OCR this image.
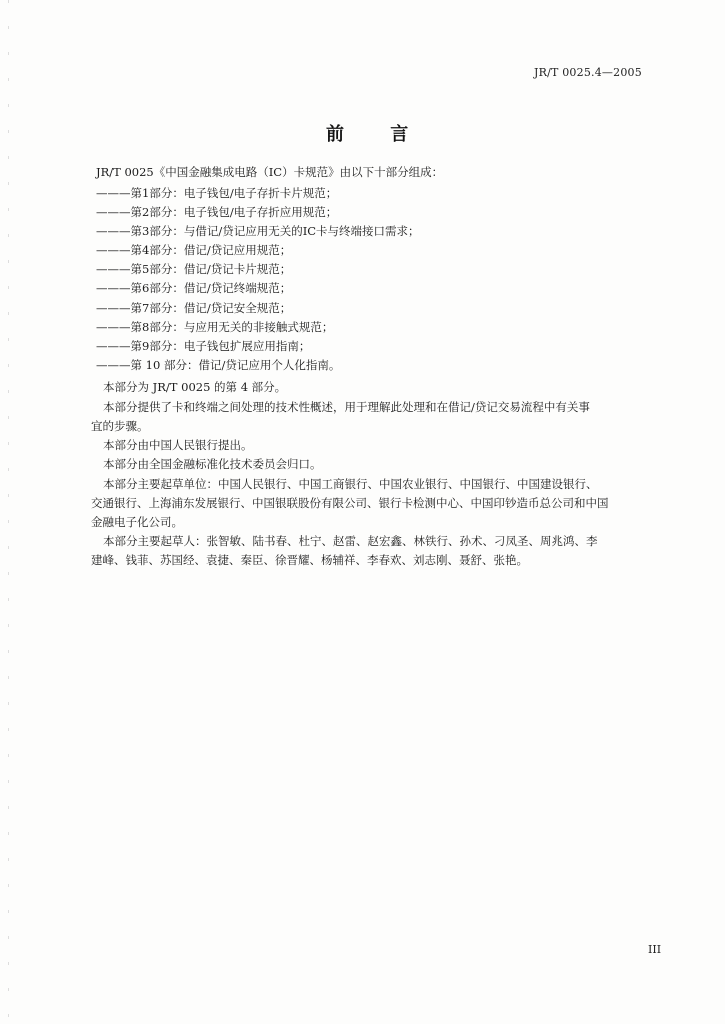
JR/T 0025.4—2005
前 言
JR/T 0025《中国金融集成电路（IC）卡规范》由以下十部分组成：
———第1部分：电子钱包/电子存折卡片规范；
———第2部分：电子钱包/电子存折应用规范；
———第3部分：与借记/贷记应用无关的IC卡与终端接口需求；
———第4部分：借记/贷记应用规范；
———第5部分：借记/贷记卡片规范；
———第6部分：借记/贷记终端规范；
———第7部分：借记/贷记安全规范；
———第8部分：与应用无关的非接触式规范；
———第9部分：电子钱包扩展应用指南；
———第 10 部分：借记/贷记应用个人化指南。
本部分为 JR/T 0025 的第 4 部分。
本部分提供了卡和终端之间处理的技术性概述，用于理解此处理和在借记/贷记交易流程中有关事
宜的步骤。
本部分由中国人民银行提出。
本部分由全国金融标准化技术委员会归口。
本部分主要起草单位：中国人民银行、中国工商银行、中国农业银行、中国银行、中国建设银行、
交通银行、上海浦东发展银行、中国银联股份有限公司、银行卡检测中心、中国印钞造币总公司和中国
金融电子化公司。
本部分主要起草人：张智敏、陆书春、杜宁、赵雷、赵宏鑫、林铁行、孙术、刁凤圣、周兆鸿、李
建峰、钱菲、苏国经、袁捷、秦臣、徐晋耀、杨辅祥、李春欢、刘志刚、聂舒、张艳。
III
